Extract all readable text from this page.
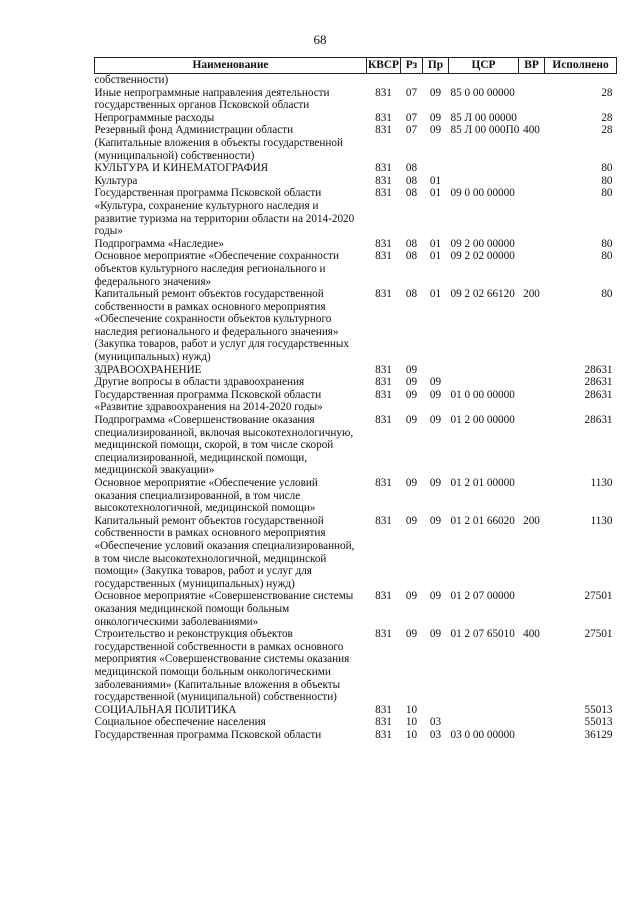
68
Наименование	КВСР	Рз	Пр	ЦСР	ВР	Исполнено
собственности)						
Иные непрограммные направления деятельности государственных органов Псковской области	831	07	09	85 0 00 00000		28
Непрограммные расходы	831	07	09	85 Л 00 00000		28
Резервный фонд Администрации области (Капитальные вложения в объекты государственной (муниципальной) собственности)	831	07	09	85 Л 00 000П0	400	28
КУЛЬТУРА И КИНЕМАТОГРАФИЯ	831	08				80
Культура	831	08	01			80
Государственная программа Псковской области «Культура, сохранение культурного наследия и развитие туризма на территории области на 2014-2020 годы»	831	08	01	09 0 00 00000		80
Подпрограмма «Наследие»	831	08	01	09 2 00 00000		80
Основное мероприятие «Обеспечение сохранности объектов культурного наследия регионального и федерального значения»	831	08	01	09 2 02 00000		80
Капитальный ремонт объектов государственной собственности в рамках основного мероприятия «Обеспечение сохранности объектов культурного наследия регионального и федерального значения» (Закупка товаров, работ и услуг для государственных (муниципальных) нужд)	831	08	01	09 2 02 66120	200	80
ЗДРАВООХРАНЕНИЕ	831	09				28631
Другие вопросы в области здравоохранения	831	09	09			28631
Государственная программа Псковской области «Развитие здравоохранения на 2014-2020 годы»	831	09	09	01 0 00 00000		28631
Подпрограмма «Совершенствование оказания специализированной, включая высокотехнологичную, медицинской помощи, скорой, в том числе скорой специализированной, медицинской помощи, медицинской эвакуации»	831	09	09	01 2 00 00000		28631
Основное мероприятие «Обеспечение условий оказания специализированной, в том числе высокотехнологичной, медицинской помощи»	831	09	09	01 2 01 00000		1130
Капитальный ремонт объектов государственной собственности в рамках основного мероприятия «Обеспечение условий оказания специализированной, в том числе высокотехнологичной, медицинской помощи» (Закупка товаров, работ и услуг для государственных (муниципальных) нужд)	831	09	09	01 2 01 66020	200	1130
Основное мероприятие «Совершенствование системы оказания медицинской помощи больным онкологическими заболеваниями»	831	09	09	01 2 07 00000		27501
Строительство и реконструкция объектов государственной собственности в рамках основного мероприятия «Совершенствование системы оказания медицинской помощи больным онкологическими заболеваниями» (Капитальные вложения в объекты государственной (муниципальной) собственности)	831	09	09	01 2 07 65010	400	27501
СОЦИАЛЬНАЯ ПОЛИТИКА	831	10				55013
Социальное обеспечение населения	831	10	03			55013
Государственная программа Псковской области	831	10	03	03 0 00 00000		36129
